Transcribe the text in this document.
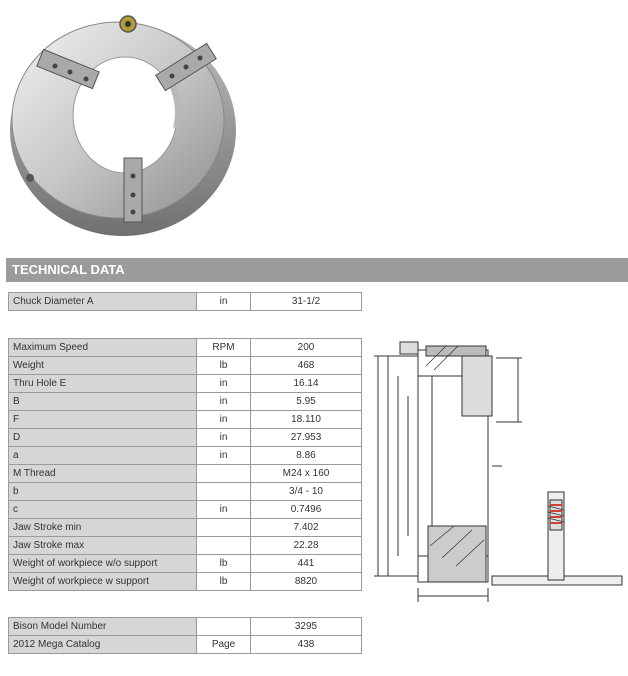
TECHNICAL DATA
Chuck Diameter A	in	31-1/2
Maximum Speed	RPM	200
Weight	lb	468
Thru Hole E	in	16.14
B	in	5.95
F	in	18.110
D	in	27.953
a	in	8.86
M Thread		M24 x 160
b		3/4 - 10
c	in	0.7496
Jaw Stroke min		7.402
Jaw Stroke max		22.28
Weight of workpiece w/o support	lb	441
Weight of workpiece w support	lb	8820
Bison Model Number		3295
2012 Mega Catalog	Page	438
